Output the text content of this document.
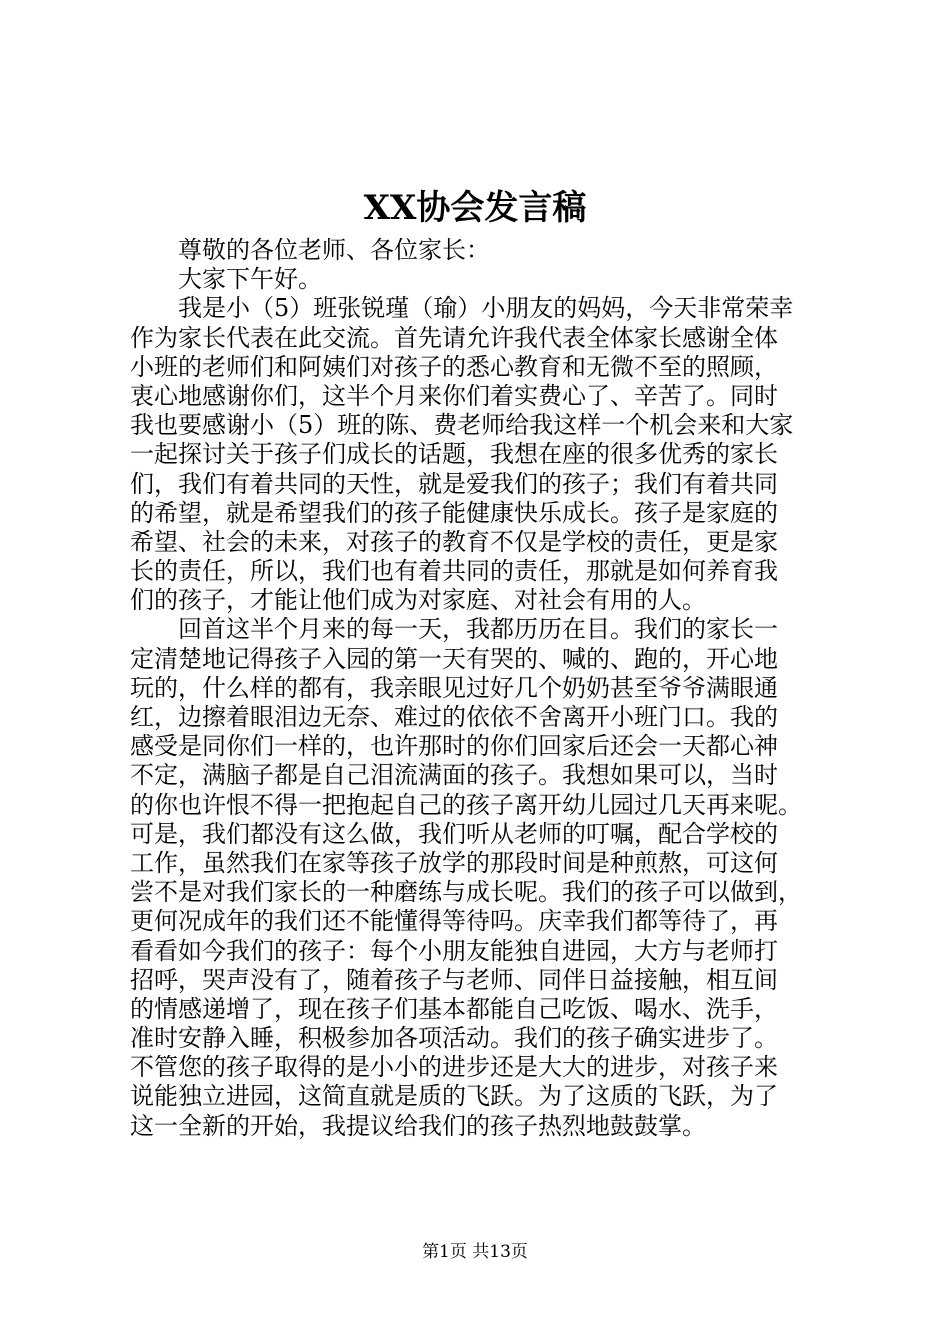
XX协会发言稿
尊敬的各位老师、各位家长：
大家下午好。
我是小（5）班张锐瑾（瑜）小朋友的妈妈，今天非常荣幸
作为家长代表在此交流。首先请允许我代表全体家长感谢全体
小班的老师们和阿姨们对孩子的悉心教育和无微不至的照顾，
衷心地感谢你们，这半个月来你们着实费心了、辛苦了。同时
我也要感谢小（5）班的陈、费老师给我这样一个机会来和大家
一起探讨关于孩子们成长的话题，我想在座的很多优秀的家长
们，我们有着共同的天性，就是爱我们的孩子；我们有着共同
的希望，就是希望我们的孩子能健康快乐成长。孩子是家庭的
希望、社会的未来，对孩子的教育不仅是学校的责任，更是家
长的责任，所以，我们也有着共同的责任，那就是如何养育我
们的孩子，才能让他们成为对家庭、对社会有用的人。
回首这半个月来的每一天，我都历历在目。我们的家长一
定清楚地记得孩子入园的第一天有哭的、喊的、跑的，开心地
玩的，什么样的都有，我亲眼见过好几个奶奶甚至爷爷满眼通
红，边擦着眼泪边无奈、难过的依依不舍离开小班门口。我的
感受是同你们一样的，也许那时的你们回家后还会一天都心神
不定，满脑子都是自己泪流满面的孩子。我想如果可以，当时
的你也许恨不得一把抱起自己的孩子离开幼儿园过几天再来呢。
可是，我们都没有这么做，我们听从老师的叮嘱，配合学校的
工作，虽然我们在家等孩子放学的那段时间是种煎熬，可这何
尝不是对我们家长的一种磨练与成长呢。我们的孩子可以做到，
更何况成年的我们还不能懂得等待吗。庆幸我们都等待了，再
看看如今我们的孩子：每个小朋友能独自进园，大方与老师打
招呼，哭声没有了，随着孩子与老师、同伴日益接触，相互间
的情感递增了，现在孩子们基本都能自己吃饭、喝水、洗手，
准时安静入睡，积极参加各项活动。我们的孩子确实进步了。
不管您的孩子取得的是小小的进步还是大大的进步，对孩子来
说能独立进园，这简直就是质的飞跃。为了这质的飞跃，为了
这一全新的开始，我提议给我们的孩子热烈地鼓鼓掌。
第1页 共13页
